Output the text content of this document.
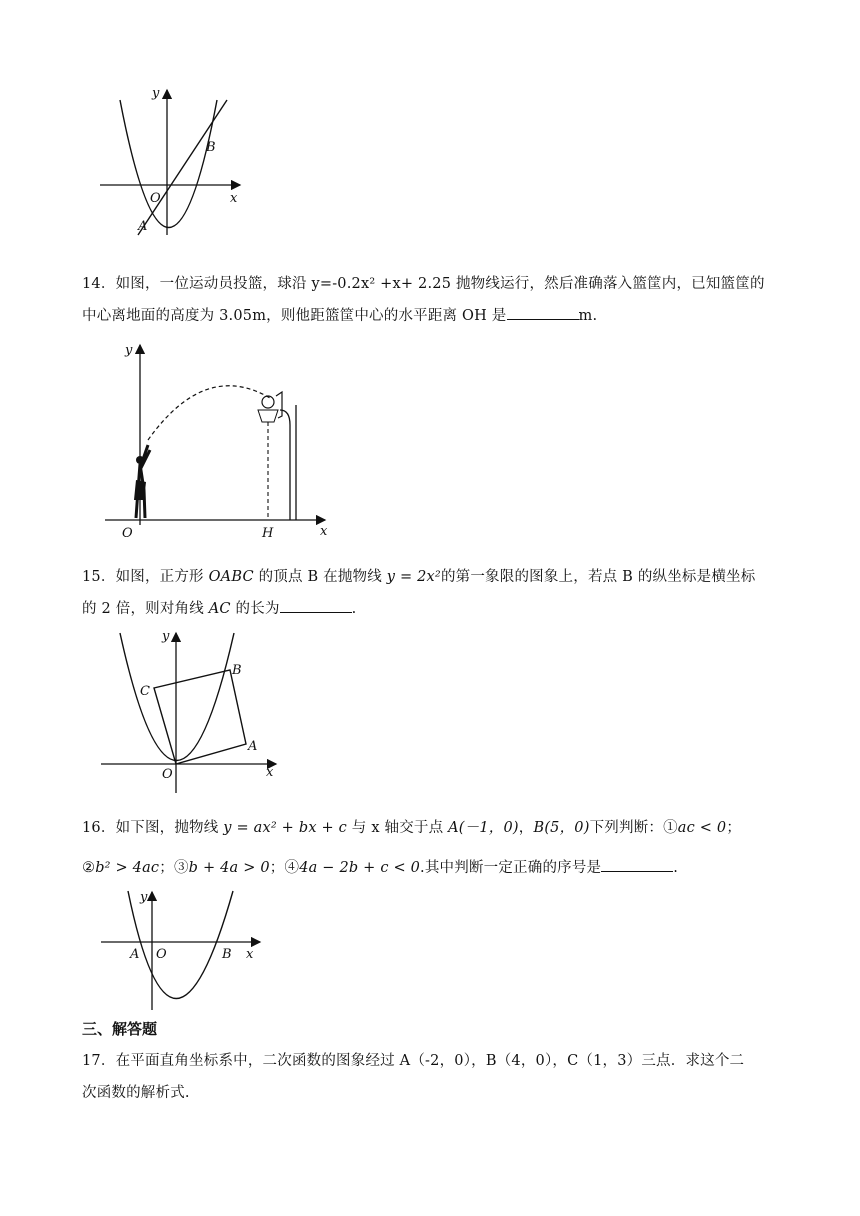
y
x
O
A
B
14．如图，一位运动员投篮，球沿 y=-0.2x² +x+ 2.25 抛物线运行，然后准确落入篮筐内，已知篮筐的
中心离地面的高度为 3.05m，则他距篮筐中心的水平距离 OH 是	m.
y
x
O	H
15．如图，正方形 OABC 的顶点 B 在抛物线 y = 2x²的第一象限的图象上，若点 B 的纵坐标是横坐标
的 2 倍，则对角线 AC 的长为	.
y
x
O
A
B
C
16．如下图，抛物线 y = ax² + bx + c 与 x 轴交于点 A(－1，0)，B(5，0)下列判断：①ac < 0；
②b² > 4ac；③b + 4a > 0；④4a − 2b + c < 0.其中判断一定正确的序号是	.
y
x
O
A	B
三、解答题
17．在平面直角坐标系中，二次函数的图象经过 A（-2，0），B（4，0），C（1，3）三点．求这个二
次函数的解析式.
